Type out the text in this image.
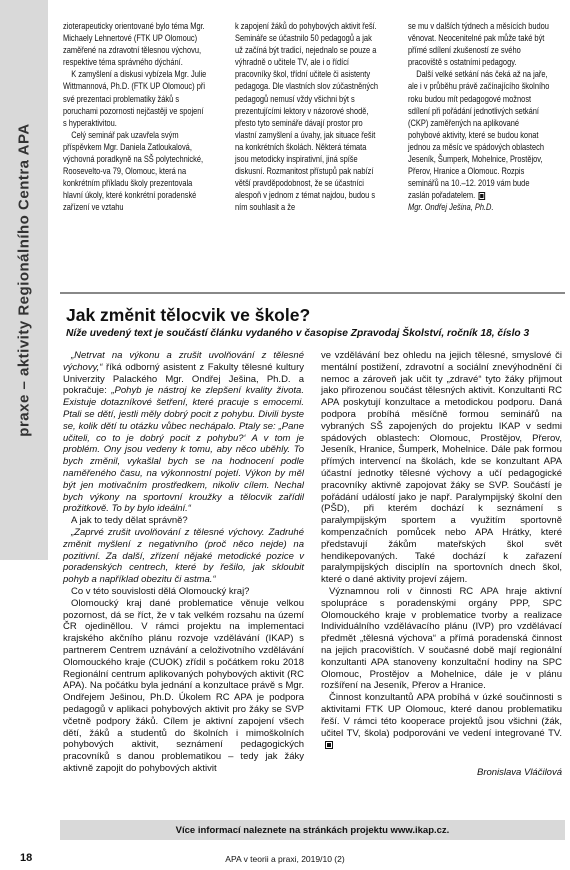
praxe – aktivity Regionálního Centra APA

zioterapeuticky orientované bylo téma Mgr. Michaely Lehnertové (FTK UP Olomouc) zaměřené na zdravotní tělesnou výchovu, respektive téma správného dýchání.

K zamyšlení a diskusi vybízela Mgr. Julie Wittmannová, Ph.D. (FTK UP Olomouc) při své prezentaci problematiky žáků s poruchami pozornosti nejčastěji ve spojení s hyperaktivitou.

Celý seminář pak uzavřela svým příspěvkem Mgr. Daniela Zatloukalová, výchovná poradkyně na SŠ polytechnické, Roosevelto-va 79, Olomouc, která na konkrétním příkladu školy prezentovala hlavní úkoly, které konkrétní poradenské zařízení ve vztahu

k zapojení žáků do pohybových aktivit řeší. Semináře se účastnilo 50 pedagogů a jak už začíná být tradicí, nejednalo se pouze a výhradně o učitele TV, ale i o řídící pracovníky škol, třídní učitele či asistenty pedagoga. Dle vlastních slov zúčastněných pedagogů nemusí vždy všichni být s prezentujícími lektory v názorové shodě, přesto tyto semináře dávají prostor pro vlastní zamyšlení a úvahy, jak situace řešit na konkrétních školách. Některá témata jsou metodicky inspirativní, jiná spíše diskusní. Rozmanitost přístupů pak nabízí větší pravděpodobnost, že se účastníci alespoň v jednom z témat najdou, budou s ním souhlasit a že

se mu v dalších týdnech a měsících budou věnovat. Neocenitelné pak může také být přímé sdílení zkušeností ze svého pracoviště s ostatními pedagogy.

Další velké setkání nás čeká až na jaře, ale i v průběhu právě začínajícího školního roku budou mít pedagogové možnost sdílení při pořádání jednotlivých setkání (CKP) zaměřených na aplikované pohybové aktivity, které se budou konat jednou za měsíc ve spádových oblastech Jeseník, Šumperk, Mohelnice, Prostějov, Přerov, Hranice a Olomouc. Rozpis seminářů na 10.–12. 2019 vám bude zaslán pořadatelem.

Mgr. Ondřej Ješina, Ph.D.

Jak změnit tělocvik ve škole?

Níže uvedený text je součástí článku vydaného v časopise Zpravodaj Školství, ročník 18, číslo 3

„Netrvat na výkonu a zrušit uvolňování z tělesné výchovy,“ říká odborný asistent z Fakulty tělesné kultury Univerzity Palackého Mgr. Ondřej Ješina, Ph.D. a pokračuje: „Pohyb je nástroj ke zlepšení kvality života. Existuje dotazníkové šetření, které pracuje s emocemi. Ptali se dětí, jestli měly dobrý pocit z pohybu. Divili byste se, kolik dětí tu otázku vůbec nechápalo. Ptaly se: „Pane učiteli, co to je dobrý pocit z pohybu?‘ A v tom je problém. Ony jsou vedeny k tomu, aby něco uběhly. To bych změnil, vykašlal bych se na hodnocení podle naměřeného času, na výkonnostní pojetí. Výkon by měl být jen motivačním prostředkem, nikoliv cílem. Nechal bych výkony na sportovní kroužky a tělocvik zařídil prožitkově. To by bylo ideální.“

A jak to tedy dělat správně?

„Zaprvé zrušit uvolňování z tělesné výchovy. Zadruhé změnit myšlení z negativního (proč něco nejde) na pozitivní. Za další, zřízení nějaké metodické pozice v poradenských centrech, které by řešilo, jak skloubit pohyb a například obezitu či astma.“

Co v této souvislosti dělá Olomoucký kraj?

Olomoucký kraj dané problematice věnuje velkou pozornost, dá se říct, že v tak velkém rozsahu na území ČR ojediněllou. V rámci projektu na implementaci krajského akčního plánu rozvoje vzdělávání (IKAP) s partnerem Centrem uznávání a celoživotního vzdělávání Olomouckého kraje (CUOK) zřídil s počátkem roku 2018 Regionální centrum aplikovaných pohybových aktivit (RC APA). Na počátku byla jednání a konzultace právě s Mgr. Ondřejem Ješinou, Ph.D. Úkolem RC APA je podpora pedagogů v aplikaci pohybových aktivit pro žáky se SVP včetně podpory žáků. Cílem je aktivní zapojení všech dětí, žáků a studentů do školních i mimoškolních pohybových aktivit, seznámení pedagogických pracovníků s danou problematikou – tedy jak žáky aktivně zapojit do pohybových aktivit

ve vzdělávání bez ohledu na jejich tělesné, smyslové či mentální postižení, zdravotní a sociální znevýhodnění či nemoc a zároveň jak učit ty „zdravé“ tyto žáky přijmout jako přirozenou součást tělesných aktivit. Konzultanti RC APA poskytují konzultace a metodickou podporu. Daná podpora probíhá měsíčně formou seminářů na vybraných SŠ zapojených do projektu IKAP v sedmi spádových oblastech: Olomouc, Prostějov, Přerov, Jeseník, Hranice, Šumperk, Mohelnice. Dále pak formou přímých intervencí na školách, kde se konzultant APA účastní jednotky tělesné výchovy a učí pedagogické pracovníky aktivně zapojovat žáky se SVP. Součástí je pořádání událostí jako je např. Paralympijský školní den (PŠD), při kterém dochází k seznámení s paralympijským sportem a využitím sportovně kompenzačních pomůcek nebo APA Hrátky, které představují žákům mateřských škol svět hendikepovaných. Také dochází k zařazení paralympijských disciplín na sportovních dnech škol, které o dané aktivity projeví zájem.

Významnou roli v činnosti RC APA hraje aktivní spolupráce s poradenskými orgány PPP, SPC Olomouckého kraje v problematice tvorby a realizace Individuálního vzdělávacího plánu (IVP) pro vzdělávací předmět „tělesná výchova“ a přímá poradenská činnost na jejich pracovištích. V současné době mají regionální konzultanti APA stanoveny konzultační hodiny na SPC Olomouc, Prostějov a Mohelnice, dále je v plánu rozšíření na Jeseník, Přerov a Hranice.

Činnost konzultantů APA probíhá v úzké součinnosti s aktivitami FTK UP Olomouc, které danou problematiku řeší. V rámci této kooperace projektů jsou všichni (žák, učitel TV, škola) podporováni ve vedení integrované TV.

Bronislava Vláčilová

Více informací naleznete na stránkách projektu www.ikap.cz.
18	APA v teorii a praxi, 2019/10 (2)
